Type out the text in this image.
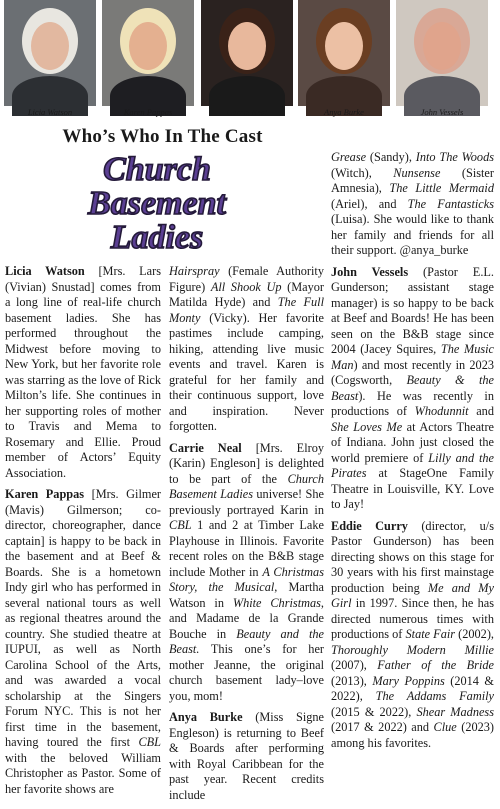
Licia Watson	Karen Pappas	Carrie Neal	Anya Burke	John Vessels
Who’s Who In The Cast
Church
Basement
Ladies

Licia Watson [Mrs. Lars (Vivian) Snustad] comes from a long line of real-life church basement ladies. She has performed throughout the Midwest before moving to New York, but her favorite role was starring as the love of Rick Milton’s life. She continues in her supporting roles of mother to Travis and Mema to Rosemary and Ellie. Proud member of Actors’ Equity Association.

Karen Pappas [Mrs. Gilmer (Mavis) Gilmerson; co-director, choreographer, dance captain] is happy to be back in the basement and at Beef & Boards. She is a hometown Indy girl who has performed in several national tours as well as regional theatres around the country. She studied theatre at IUPUI, as well as North Carolina School of the Arts, and was awarded a vocal scholarship at the Singers Forum NYC. This is not her first time in the basement, having toured the first CBL with the beloved William Christopher as Pastor. Some of her favorite shows are

Hairspray (Female Authority Figure) All Shook Up (Mayor Matilda Hyde) and The Full Monty (Vicky). Her favorite pastimes include camping, hiking, attending live music events and travel. Karen is grateful for her family and their continuous support, love and inspiration. Never forgotten.

Carrie Neal [Mrs. Elroy (Karin) Engleson] is delighted to be part of the Church Basement Ladies universe! She previously portrayed Karin in CBL 1 and 2 at Timber Lake Playhouse in Illinois. Favorite recent roles on the B&B stage include Mother in A Christmas Story, the Musical, Martha Watson in White Christmas, and Madame de la Grande Bouche in Beauty and the Beast. This one’s for her mother Jeanne, the original church basement lady–love you, mom!

Anya Burke (Miss Signe Engleson) is returning to Beef & Boards after performing with Royal Caribbean for the past year. Recent credits include

Grease (Sandy), Into The Woods (Witch), Nunsense (Sister Amnesia), The Little Mermaid (Ariel), and The Fantasticks (Luisa). She would like to thank her family and friends for all their support. @anya_burke

John Vessels (Pastor E.L. Gunderson; assistant stage manager) is so happy to be back at Beef and Boards! He has been seen on the B&B stage since 2004 (Jacey Squires, The Music Man) and most recently in 2023 (Cogsworth, Beauty & the Beast). He was recently in productions of Whodunnit and She Loves Me at Actors Theatre of Indiana. John just closed the world premiere of Lilly and the Pirates at StageOne Family Theatre in Louisville, KY. Love to Jay!

Eddie Curry (director, u/s Pastor Gunderson) has been directing shows on this stage for 30 years with his first mainstage production being Me and My Girl in 1997. Since then, he has directed numerous times with productions of State Fair (2002), Thoroughly Modern Millie (2007), Father of the Bride (2013), Mary Poppins (2014 & 2022), The Addams Family (2015 & 2022), Shear Madness (2017 & 2022) and Clue (2023) among his favorites.
